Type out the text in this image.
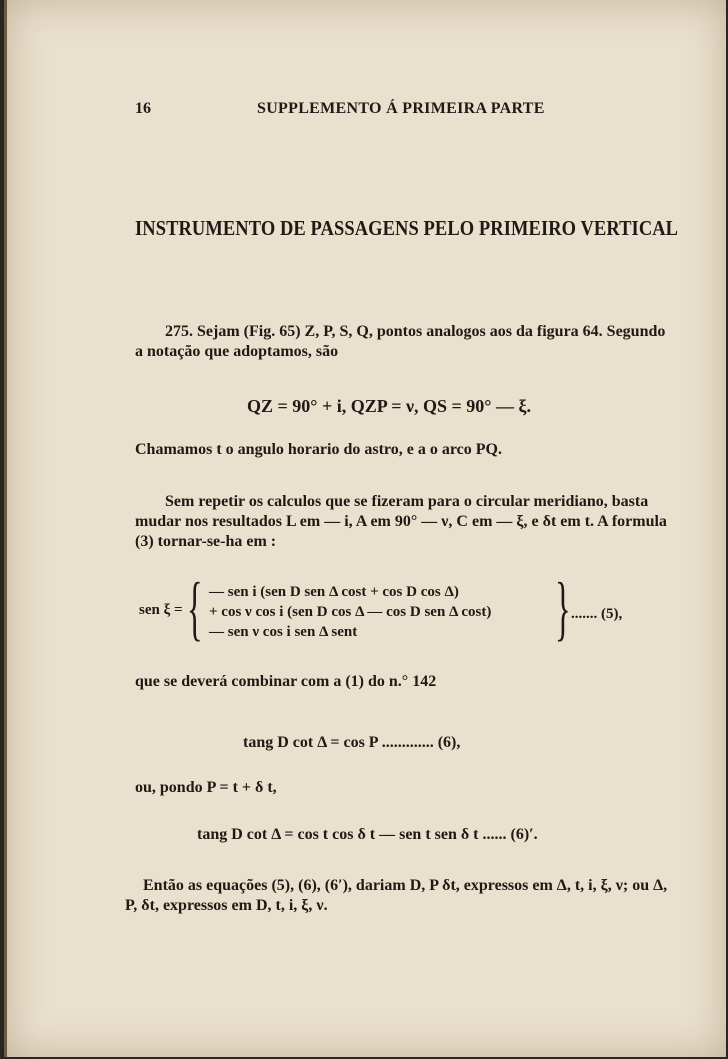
16	SUPPLEMENTO Á PRIMEIRA PARTE
INSTRUMENTO DE PASSAGENS PELO PRIMEIRO VERTICAL
275. Sejam (Fig. 65) Z, P, S, Q, pontos analogos aos da figura 64. Segundo a notação que adoptamos, são
QZ = 90° + i, QZP = ν, QS = 90° — ξ.
Chamamos t o angulo horario do astro, e a o arco PQ.
Sem repetir os calculos que se fizeram para o circular meridiano, basta mudar nos resultados L em — i, A em 90° — ν, C em — ξ, e δt em t. A formula (3) tornar-se-ha em :
sen ξ = { — sen i (sen D sen Δ cost + cos D cos Δ)
+ cos ν cos i (sen D cos Δ — cos D sen Δ cost)
— sen ν cos i sen Δ sent	} ....... (5),
que se deverá combinar com a (1) do n.° 142
tang D cot Δ = cos P ............. (6),
ou, pondo P = t + δ t,
tang D cot Δ = cos t cos δ t — sen t sen δ t ...... (6)′.
Então as equações (5), (6), (6′), dariam D, P δt, expressos em Δ, t, i, ξ, ν; ou Δ, P, δt, expressos em D, t, i, ξ, ν.
